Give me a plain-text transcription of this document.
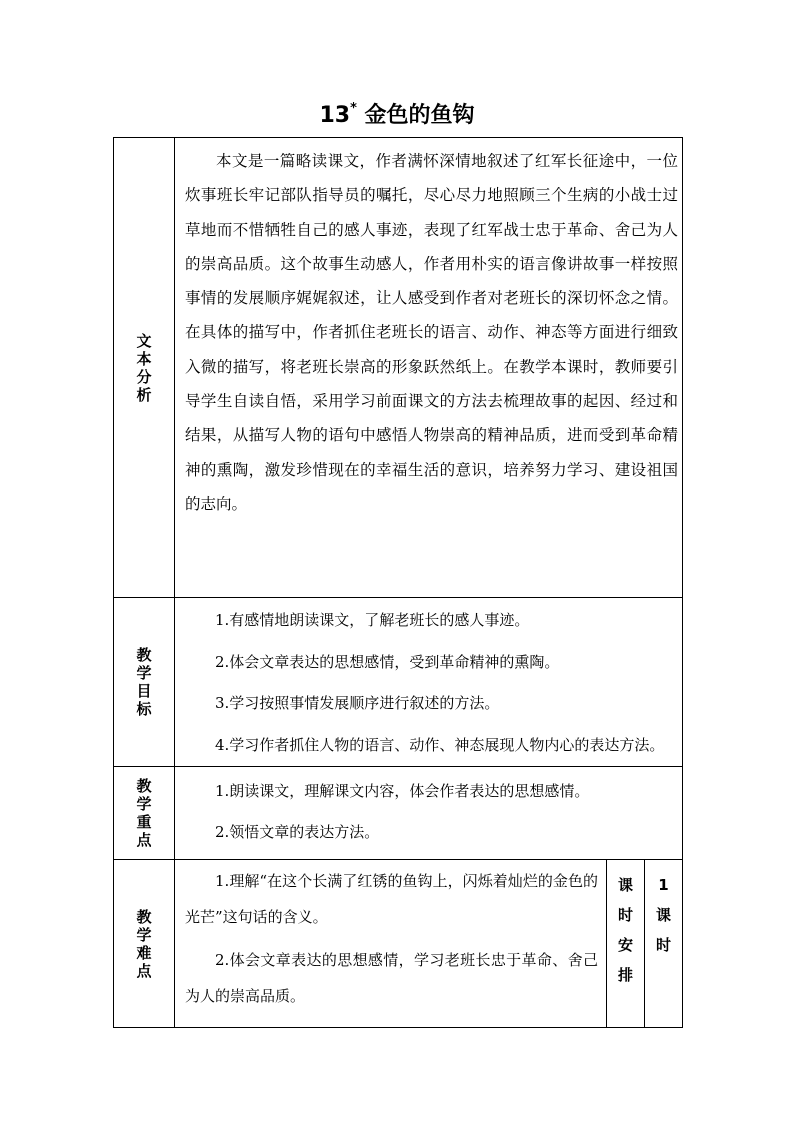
13* 金色的鱼钩
文本分析	本文是一篇略读课文，作者满怀深情地叙述了红军长征途中，一位炊事班长牢记部队指导员的嘱托，尽心尽力地照顾三个生病的小战士过草地而不惜牺牲自己的感人事迹，表现了红军战士忠于革命、舍己为人的崇高品质。这个故事生动感人，作者用朴实的语言像讲故事一样按照事情的发展顺序娓娓叙述，让人感受到作者对老班长的深切怀念之情。在具体的描写中，作者抓住老班长的语言、动作、神态等方面进行细致入微的描写，将老班长崇高的形象跃然纸上。在教学本课时，教师要引导学生自读自悟，采用学习前面课文的方法去梳理故事的起因、经过和结果，从描写人物的语句中感悟人物崇高的精神品质，进而受到革命精神的熏陶，激发珍惜现在的幸福生活的意识，培养努力学习、建设祖国的志向。		

教学目标	1.有感情地朗读课文，了解老班长的感人事迹。

2.体会文章表达的思想感情，受到革命精神的熏陶。

3.学习按照事情发展顺序进行叙述的方法。

4.学习作者抓住人物的语言、动作、神态展现人物内心的表达方法。		

教学重点	1.朗读课文，理解课文内容，体会作者表达的思想感情。

2.领悟文章的表达方法。		

教学难点	1.理解“在这个长满了红锈的鱼钩上，闪烁着灿烂的金色的光芒”这句话的含义。

2.体会文章表达的思想感情，学习老班长忠于革命、舍己为人的崇高品质。	课时安排	1课时
